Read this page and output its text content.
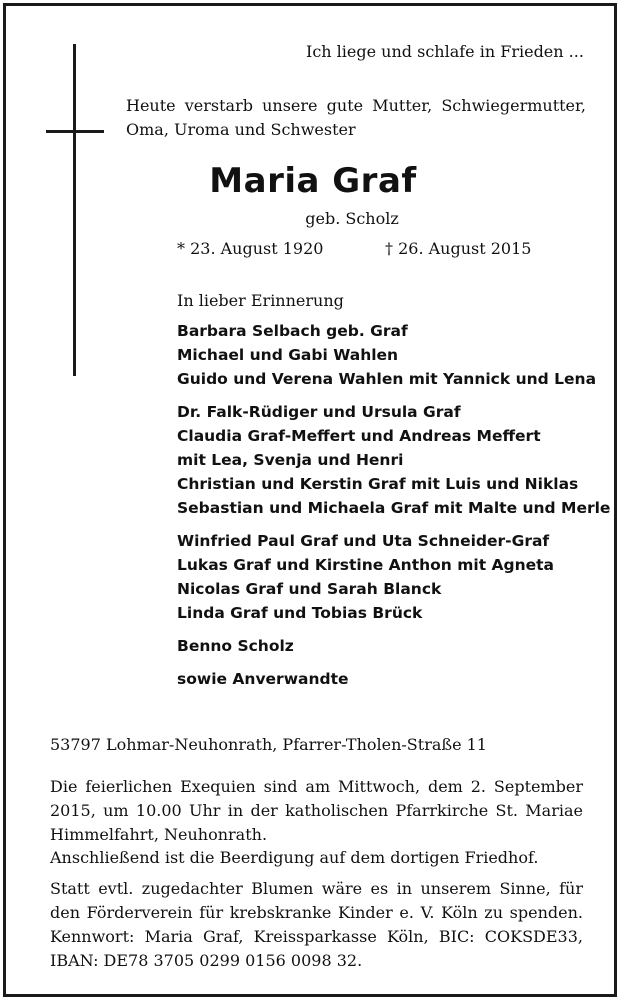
Ich liege und schlafe in Frieden ...
Heute verstarb unsere gute Mutter, Schwiegermutter, Oma, Uroma und Schwester
Maria Graf
geb. Scholz
* 23. August 1920	† 26. August 2015
In lieber Erinnerung
Barbara Selbach geb. Graf
Michael und Gabi Wahlen
Guido und Verena Wahlen mit Yannick und Lena
Dr. Falk-Rüdiger und Ursula Graf
Claudia Graf-Meffert und Andreas Meffert
mit Lea, Svenja und Henri
Christian und Kerstin Graf mit Luis und Niklas
Sebastian und Michaela Graf mit Malte und Merle
Winfried Paul Graf und Uta Schneider-Graf
Lukas Graf und Kirstine Anthon mit Agneta
Nicolas Graf und Sarah Blanck
Linda Graf und Tobias Brück
Benno Scholz
sowie Anverwandte
53797 Lohmar-Neuhonrath, Pfarrer-Tholen-Straße 11
Die feierlichen Exequien sind am Mittwoch, dem 2. September 2015, um 10.00 Uhr in der katholischen Pfarrkirche St. Mariae Himmelfahrt, Neuhonrath.
Anschließend ist die Beerdigung auf dem dortigen Friedhof.
Statt evtl. zugedachter Blumen wäre es in unserem Sinne, für den Förderverein für krebskranke Kinder e. V. Köln zu spenden. Kennwort: Maria Graf, Kreissparkasse Köln, BIC: COKSDE33, IBAN: DE78 3705 0299 0156 0098 32.
